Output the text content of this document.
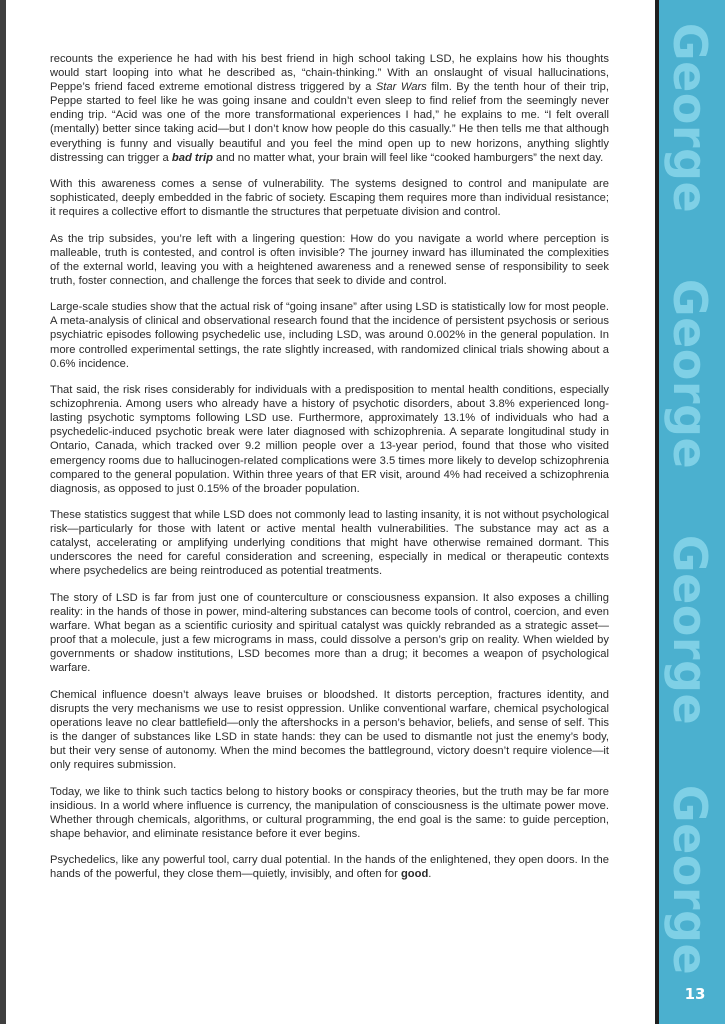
recounts the experience he had with his best friend in high school taking LSD, he explains how his thoughts would start looping into what he described as, “chain-thinking.” With an onslaught of visual hallucinations, Peppe’s friend faced extreme emotional distress triggered by a Star Wars film. By the tenth hour of their trip, Peppe started to feel like he was going insane and couldn’t even sleep to find relief from the seemingly never ending trip. “Acid was one of the more transformational experiences I had,” he explains to me. “I felt overall (mentally) better since taking acid—but I don’t know how people do this casually.” He then tells me that although everything is funny and visually beautiful and you feel the mind open up to new horizons, anything slightly distressing can trigger a bad trip and no matter what, your brain will feel like “cooked hamburgers” the next day.

With this awareness comes a sense of vulnerability. The systems designed to control and manipulate are sophisticated, deeply embedded in the fabric of society. Escaping them requires more than individual resistance; it requires a collective effort to dismantle the structures that perpetuate division and control.

As the trip subsides, you’re left with a lingering question: How do you navigate a world where perception is malleable, truth is contested, and control is often invisible? The journey inward has illuminated the complexities of the external world, leaving you with a heightened awareness and a renewed sense of responsibility to seek truth, foster connection, and challenge the forces that seek to divide and control.

Large-scale studies show that the actual risk of “going insane” after using LSD is statistically low for most people. A meta-analysis of clinical and observational research found that the incidence of persistent psychosis or serious psychiatric episodes following psychedelic use, including LSD, was around 0.002% in the general population. In more controlled experimental settings, the rate slightly increased, with randomized clinical trials showing about a 0.6% incidence.

That said, the risk rises considerably for individuals with a predisposition to mental health conditions, especially schizophrenia. Among users who already have a history of psychotic disorders, about 3.8% experienced long-lasting psychotic symptoms following LSD use. Furthermore, approximately 13.1% of individuals who had a psychedelic-induced psychotic break were later diagnosed with schizophrenia. A separate longitudinal study in Ontario, Canada, which tracked over 9.2 million people over a 13-year period, found that those who visited emergency rooms due to hallucinogen-related complications were 3.5 times more likely to develop schizophrenia compared to the general population. Within three years of that ER visit, around 4% had received a schizophrenia diagnosis, as opposed to just 0.15% of the broader population.

These statistics suggest that while LSD does not commonly lead to lasting insanity, it is not without psychological risk—particularly for those with latent or active mental health vulnerabilities. The substance may act as a catalyst, accelerating or amplifying underlying conditions that might have otherwise remained dormant. This underscores the need for careful consideration and screening, especially in medical or therapeutic contexts where psychedelics are being reintroduced as potential treatments.

The story of LSD is far from just one of counterculture or consciousness expansion. It also exposes a chilling reality: in the hands of those in power, mind-altering substances can become tools of control, coercion, and even warfare. What began as a scientific curiosity and spiritual catalyst was quickly rebranded as a strategic asset—proof that a molecule, just a few micrograms in mass, could dissolve a person’s grip on reality. When wielded by governments or shadow institutions, LSD becomes more than a drug; it becomes a weapon of psychological warfare.

Chemical influence doesn’t always leave bruises or bloodshed. It distorts perception, fractures identity, and disrupts the very mechanisms we use to resist oppression. Unlike conventional warfare, chemical psychological operations leave no clear battlefield—only the aftershocks in a person’s behavior, beliefs, and sense of self. This is the danger of substances like LSD in state hands: they can be used to dismantle not just the enemy’s body, but their very sense of autonomy. When the mind becomes the battleground, victory doesn’t require violence—it only requires submission.

Today, we like to think such tactics belong to history books or conspiracy theories, but the truth may be far more insidious. In a world where influence is currency, the manipulation of consciousness is the ultimate power move. Whether through chemicals, algorithms, or cultural programming, the end goal is the same: to guide perception, shape behavior, and eliminate resistance before it ever begins.

Psychedelics, like any powerful tool, carry dual potential. In the hands of the enlightened, they open doors. In the hands of the powerful, they close them—quietly, invisibly, and often for good.

George
George
George
George
13
